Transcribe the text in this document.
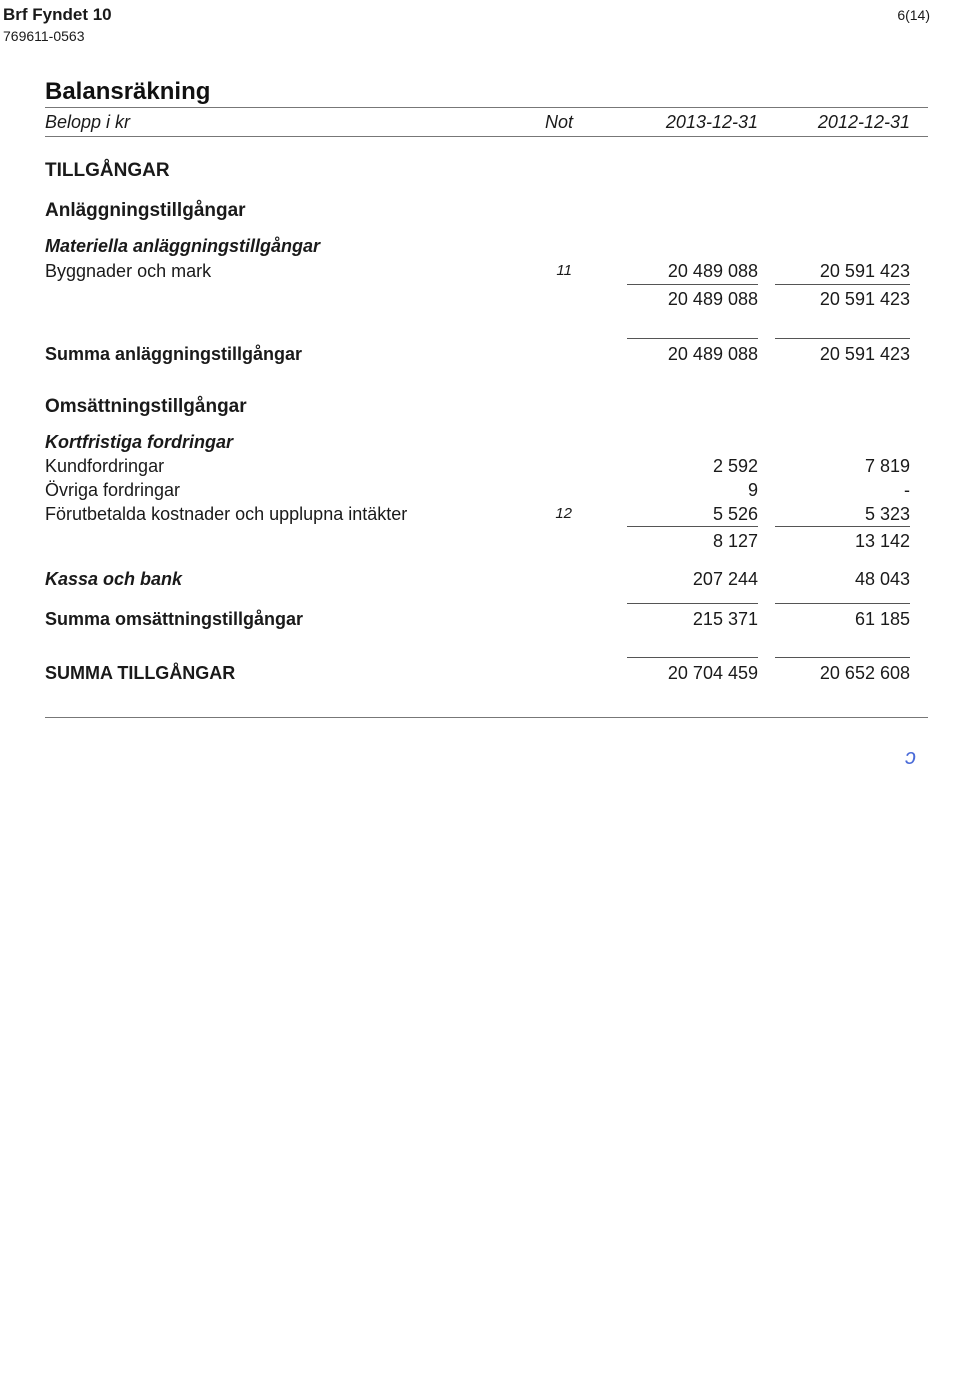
Brf Fyndet 10
769611-0563
6(14)
Balansräkning
Belopp i kr	Not	2013-12-31	2012-12-31
TILLGÅNGAR
Anläggningstillgångar
Materiella anläggningstillgångar
Byggnader och mark	11	20 489 088	20 591 423
20 489 088	20 591 423
Summa anläggningstillgångar	20 489 088	20 591 423
Omsättningstillgångar
Kortfristiga fordringar
Kundfordringar	2 592	7 819
Övriga fordringar	9	-
Förutbetalda kostnader och upplupna intäkter	12	5 526	5 323
8 127	13 142
Kassa och bank	207 244	48 043
Summa omsättningstillgångar	215 371	61 185
SUMMA TILLGÅNGAR	20 704 459	20 652 608
ↄ
